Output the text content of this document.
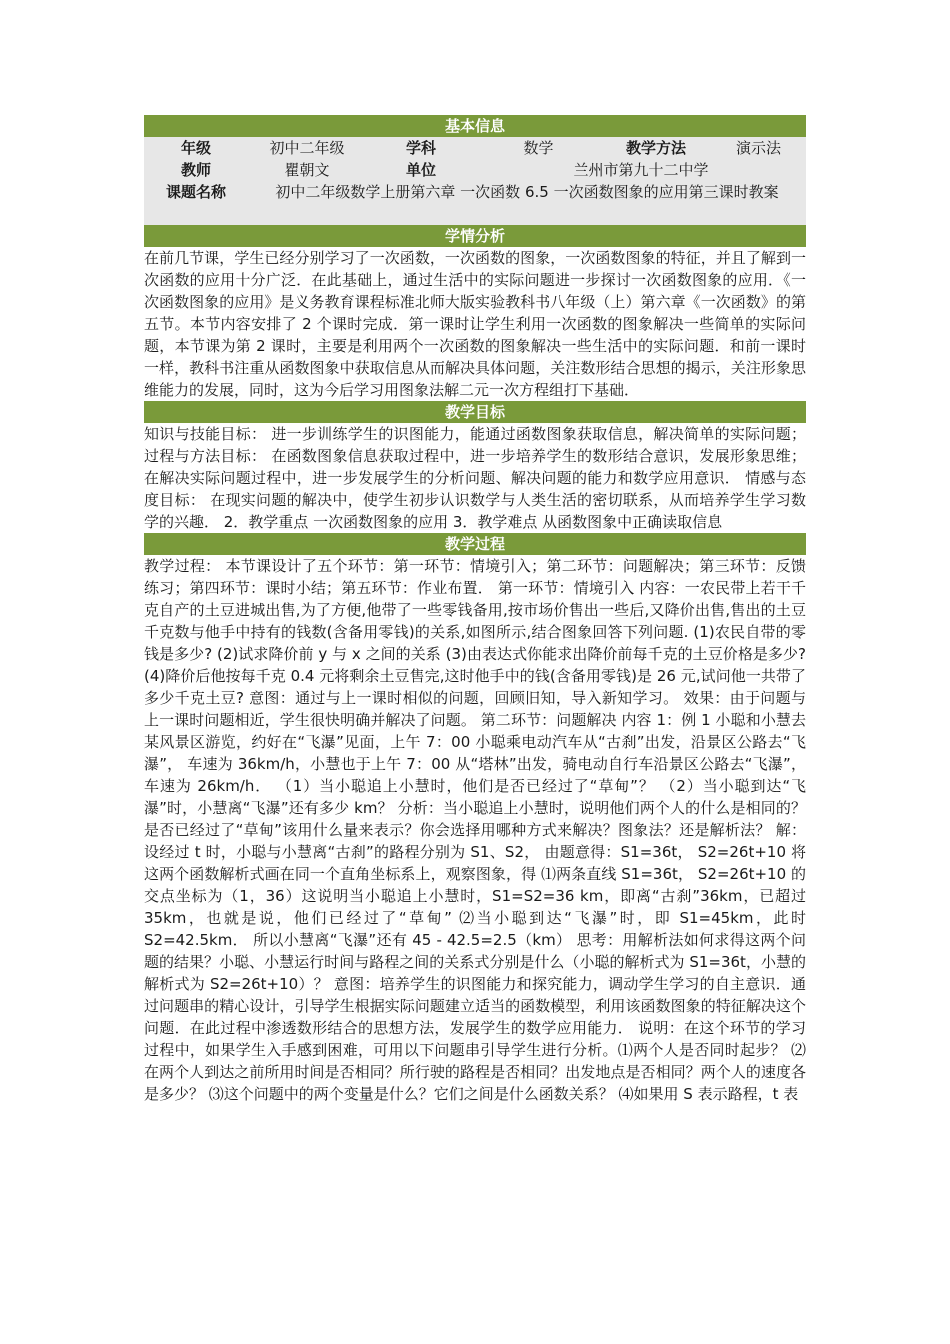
基本信息
年级	初中二年级	学科	数学	教学方法	演示法
教师	瞿朝文	单位	兰州市第九十二中学
课题名称	初中二年级数学上册第六章 一次函数 6.5 一次函数图象的应用第三课时教案
学情分析

在前几节课，学生已经分别学习了一次函数，一次函数的图象，一次函数图象的特征，并且了解到一次函数的应用十分广泛．在此基础上，通过生活中的实际问题进一步探讨一次函数图象的应用．《一次函数图象的应用》是义务教育课程标准北师大版实验教科书八年级（上）第六章《一次函数》的第五节。本节内容安排了 2 个课时完成．第一课时让学生利用一次函数的图象解决一些简单的实际问题，本节课为第 2 课时，主要是利用两个一次函数的图象解决一些生活中的实际问题．和前一课时一样，教科书注重从函数图象中获取信息从而解决具体问题，关注数形结合思想的揭示，关注形象思维能力的发展，同时，这为今后学习用图象法解二元一次方程组打下基础．

教学目标

知识与技能目标： 进一步训练学生的识图能力，能通过函数图象获取信息，解决简单的实际问题； 过程与方法目标： 在函数图象信息获取过程中，进一步培养学生的数形结合意识，发展形象思维； 在解决实际问题过程中，进一步发展学生的分析问题、解决问题的能力和数学应用意识． 情感与态度目标： 在现实问题的解决中，使学生初步认识数学与人类生活的密切联系，从而培养学生学习数学的兴趣． 2．教学重点 一次函数图象的应用 3．教学难点 从函数图象中正确读取信息

教学过程

教学过程： 本节课设计了五个环节：第一环节：情境引入；第二环节：问题解决；第三环节：反馈练习；第四环节：课时小结；第五环节：作业布置． 第一环节：情境引入 内容：一农民带上若干千克自产的土豆进城出售,为了方便,他带了一些零钱备用,按市场价售出一些后,又降价出售,售出的土豆千克数与他手中持有的钱数(含备用零钱)的关系,如图所示,结合图象回答下列问题. (1)农民自带的零钱是多少? (2)试求降价前 y 与 x 之间的关系 (3)由表达式你能求出降价前每千克的土豆价格是多少? (4)降价后他按每千克 0.4 元将剩余土豆售完,这时他手中的钱(含备用零钱)是 26 元,试问他一共带了多少千克土豆? 意图：通过与上一课时相似的问题，回顾旧知，导入新知学习。 效果：由于问题与上一课时问题相近，学生很快明确并解决了问题。 第二环节：问题解决 内容 1：例 1 小聪和小慧去某风景区游览，约好在“飞瀑”见面，上午 7：00 小聪乘电动汽车从“古刹”出发，沿景区公路去“飞瀑”， 车速为 36km/h，小慧也于上午 7：00 从“塔林”出发，骑电动自行车沿景区公路去“飞瀑”， 车速为 26km/h． （1）当小聪追上小慧时，他们是否已经过了“草甸”？ （2）当小聪到达“飞瀑”时，小慧离“飞瀑”还有多少 km？ 分析：当小聪追上小慧时，说明他们两个人的什么是相同的？是否已经过了“草甸”该用什么量来表示？你会选择用哪种方式来解决？图象法？还是解析法？ 解：设经过 t 时，小聪与小慧离“古刹”的路程分别为 S1、S2， 由题意得：S1=36t， S2=26t+10 将这两个函数解析式画在同一个直角坐标系上，观察图象，得 ⑴两条直线 S1=36t， S2=26t+10 的交点坐标为（1，36）这说明当小聪追上小慧时，S1=S2=36 km，即离“古刹”36km，已超过35km，也就是说，他们已经过了“草甸” ⑵当小聪到达“飞瀑”时，即 S1=45km，此时 S2=42.5km． 所以小慧离“飞瀑”还有 45 - 42.5=2.5（km） 思考：用解析法如何求得这两个问题的结果？小聪、小慧运行时间与路程之间的关系式分别是什么（小聪的解析式为 S1=36t，小慧的解析式为 S2=26t+10）？ 意图：培养学生的识图能力和探究能力，调动学生学习的自主意识．通过问题串的精心设计，引导学生根据实际问题建立适当的函数模型，利用该函数图象的特征解决这个问题．在此过程中渗透数形结合的思想方法，发展学生的数学应用能力． 说明：在这个环节的学习过程中，如果学生入手感到困难，可用以下问题串引导学生进行分析。⑴两个人是否同时起步？ ⑵在两个人到达之前所用时间是否相同？所行驶的路程是否相同？出发地点是否相同？两个人的速度各是多少？ ⑶这个问题中的两个变量是什么？它们之间是什么函数关系？ ⑷如果用 S 表示路程，t 表
